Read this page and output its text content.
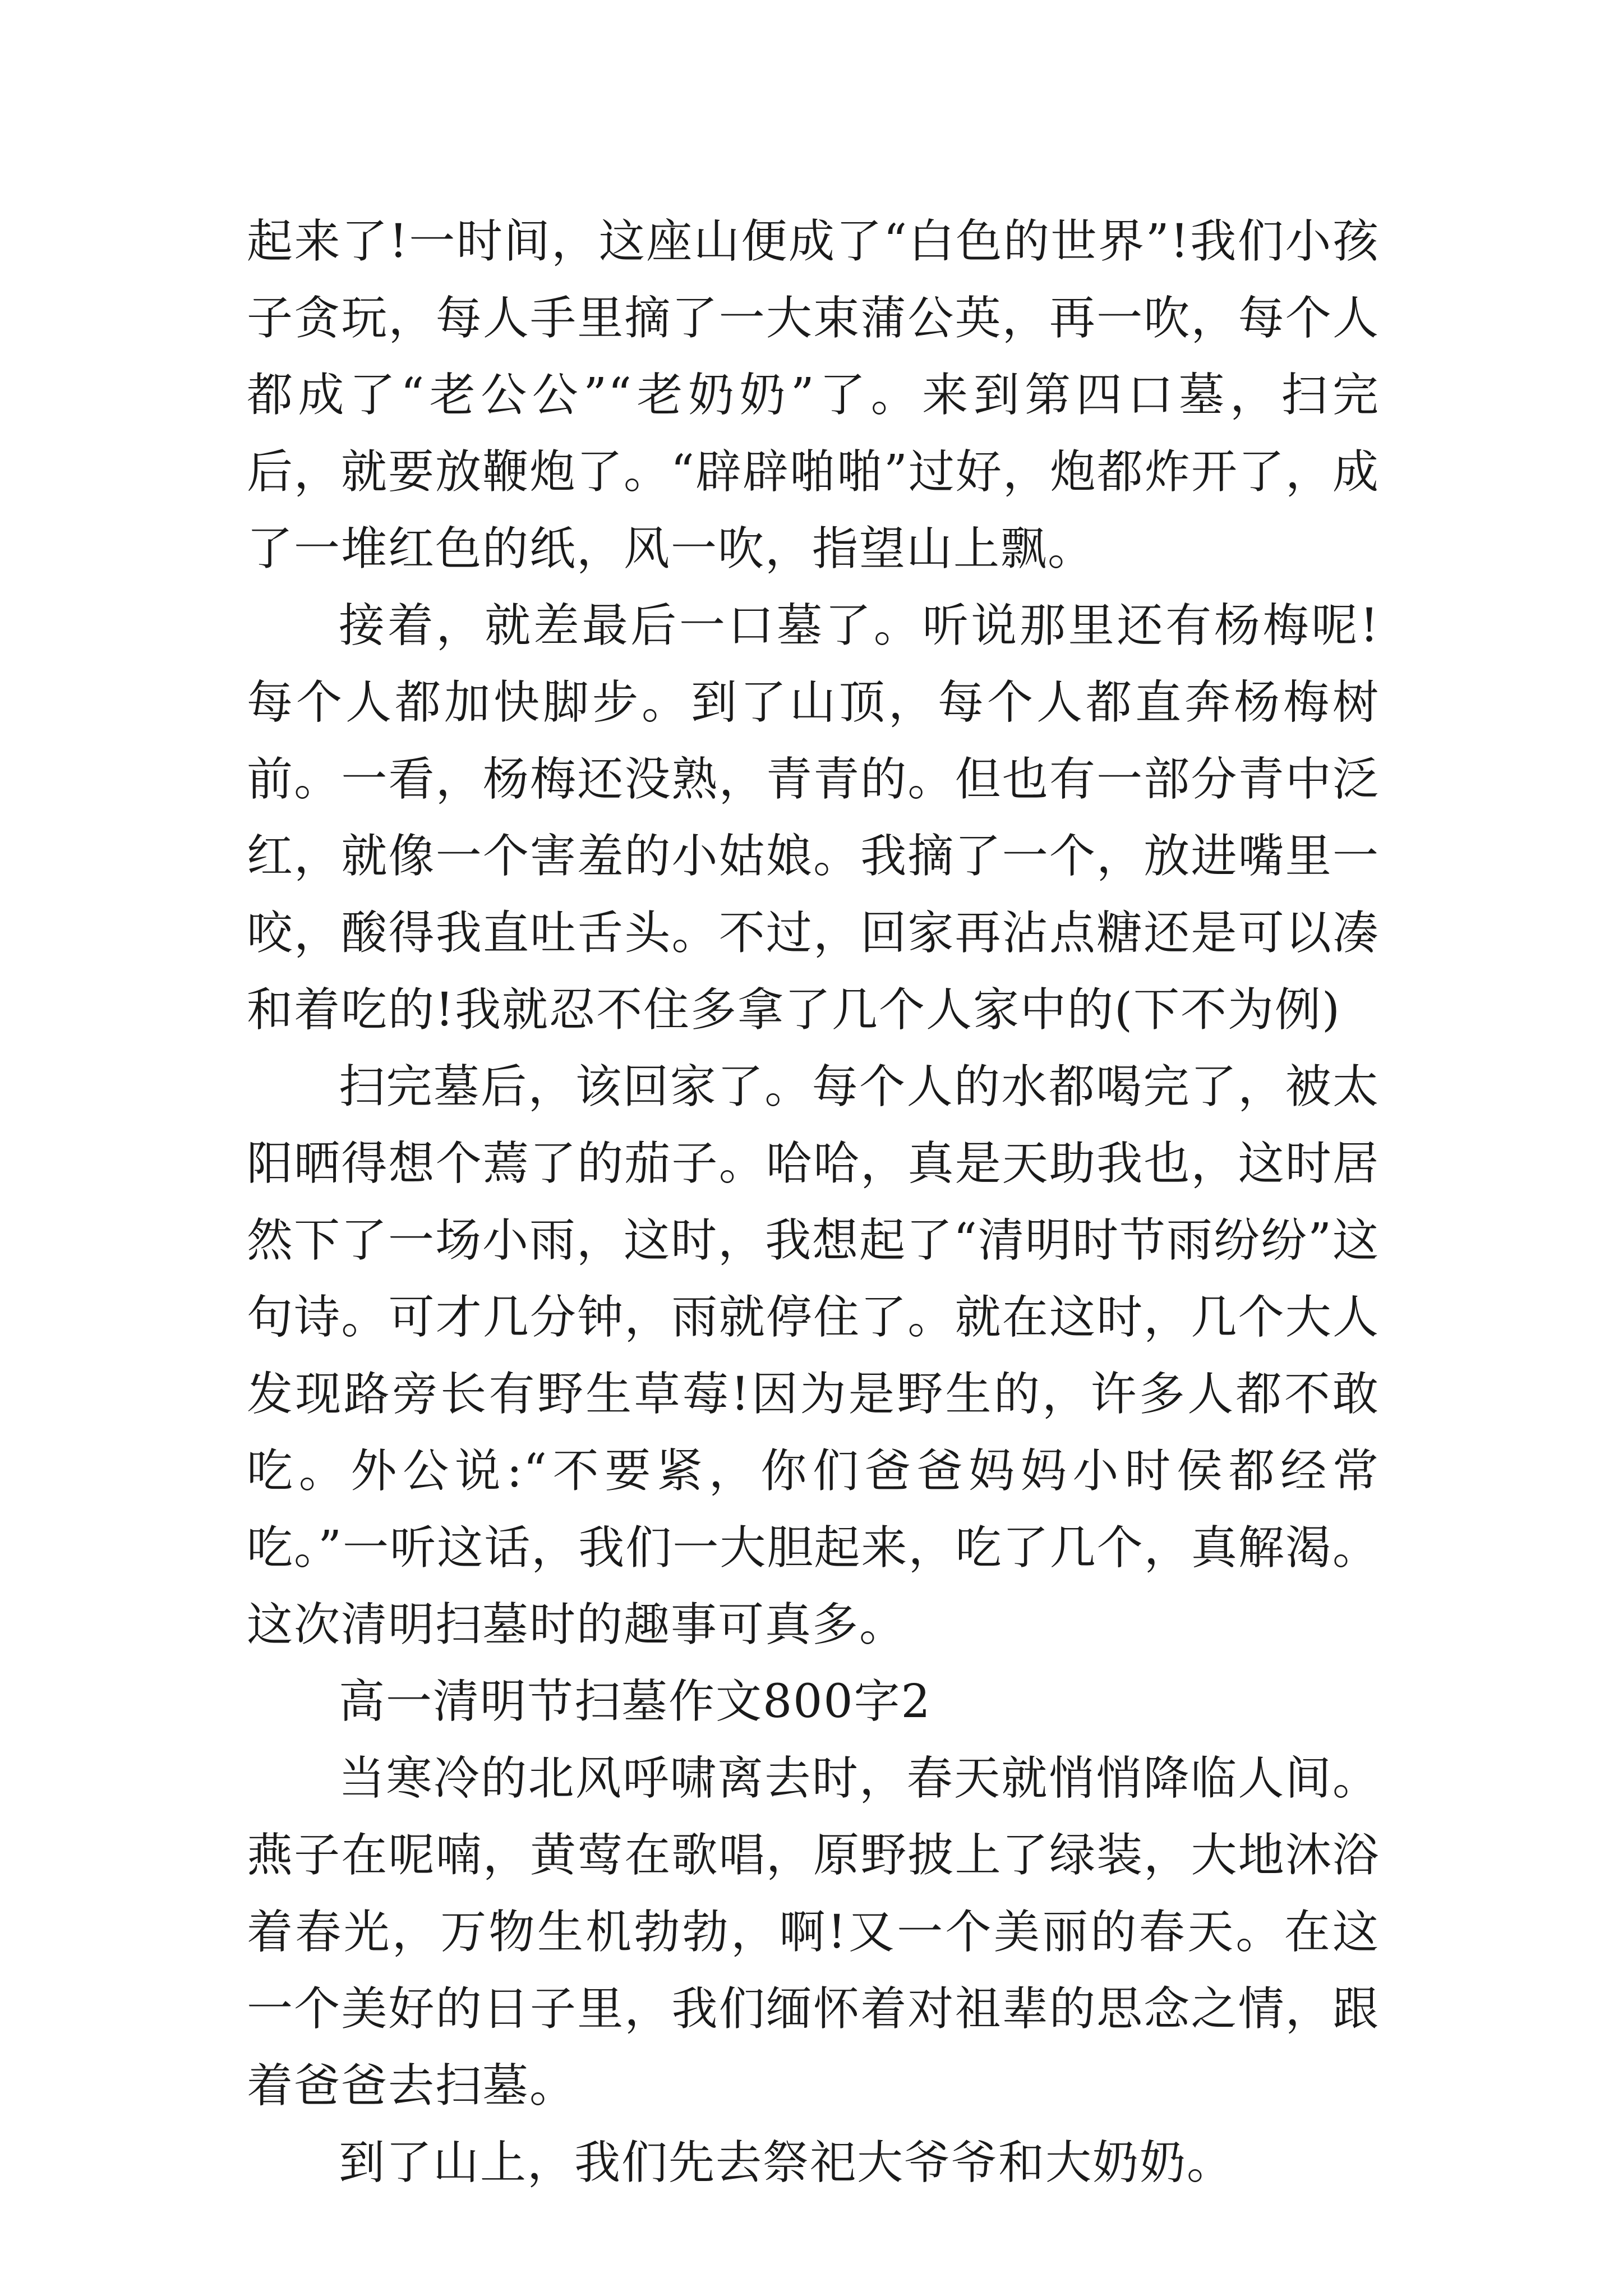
起来了!一时间，这座山便成了“白色的世界”!我们小孩子贪玩，每人手里摘了一大束蒲公英，再一吹，每个人都成了“老公公”“老奶奶”了。来到第四口墓，扫完后，就要放鞭炮了。“辟辟啪啪”过好，炮都炸开了，成了一堆红色的纸，风一吹，指望山上飘。

接着，就差最后一口墓了。听说那里还有杨梅呢!每个人都加快脚步。到了山顶，每个人都直奔杨梅树前。一看，杨梅还没熟，青青的。但也有一部分青中泛红，就像一个害羞的小姑娘。我摘了一个，放进嘴里一咬，酸得我直吐舌头。不过，回家再沾点糖还是可以凑和着吃的!我就忍不住多拿了几个人家中的(下不为例)

扫完墓后，该回家了。每个人的水都喝完了，被太阳晒得想个蔫了的茄子。哈哈，真是天助我也，这时居然下了一场小雨，这时，我想起了“清明时节雨纷纷”这句诗。可才几分钟，雨就停住了。就在这时，几个大人发现路旁长有野生草莓!因为是野生的，许多人都不敢吃。外公说:“不要紧，你们爸爸妈妈小时侯都经常吃。”一听这话，我们一大胆起来，吃了几个，真解渴。这次清明扫墓时的趣事可真多。

高一清明节扫墓作文800字2

当寒冷的北风呼啸离去时，春天就悄悄降临人间。燕子在呢喃，黄莺在歌唱，原野披上了绿装，大地沐浴着春光，万物生机勃勃，啊!又一个美丽的春天。在这一个美好的日子里，我们缅怀着对祖辈的思念之情，跟着爸爸去扫墓。

到了山上，我们先去祭祀大爷爷和大奶奶。
